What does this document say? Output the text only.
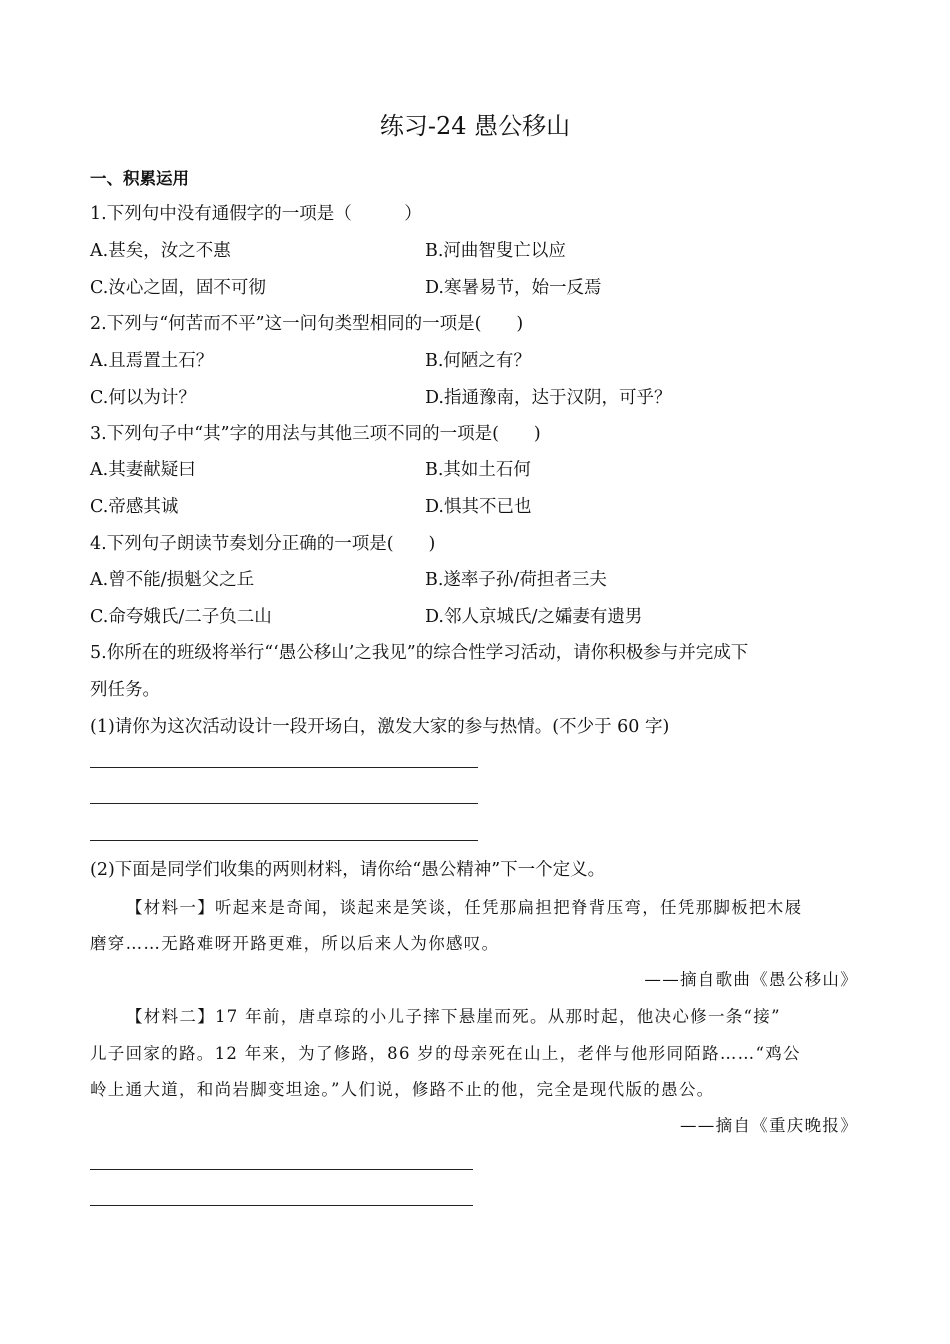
练习-24 愚公移山
一、积累运用
1.下列句中没有通假字的一项是（　　　）
A.甚矣，汝之不惠	B.河曲智叟亡以应
C.汝心之固，固不可彻	D.寒暑易节，始一反焉
2.下列与“何苦而不平”这一问句类型相同的一项是(　　)
A.且焉置土石？	B.何陋之有？
C.何以为计？	D.指通豫南，达于汉阴，可乎？
3.下列句子中“其”字的用法与其他三项不同的一项是(　　)
A.其妻献疑曰	B.其如土石何
C.帝感其诚	D.惧其不已也
4.下列句子朗读节奏划分正确的一项是(　　)
A.曾不能/损魁父之丘	B.遂率子孙/荷担者三夫
C.命夸娥氏/二子负二山	D.邻人京城氏/之孀妻有遗男
5.你所在的班级将举行“‘愚公移山’之我见”的综合性学习活动，请你积极参与并完成下
列任务。
(1)请你为这次活动设计一段开场白，激发大家的参与热情。(不少于 60 字)
(2)下面是同学们收集的两则材料，请你给“愚公精神”下一个定义。
【材料一】听起来是奇闻，谈起来是笑谈，任凭那扁担把脊背压弯，任凭那脚板把木屐
磨穿……无路难呀开路更难，所以后来人为你感叹。
——摘自歌曲《愚公移山》
【材料二】17 年前，唐卓琮的小儿子摔下悬崖而死。从那时起，他决心修一条“接”
儿子回家的路。12 年来，为了修路，86 岁的母亲死在山上，老伴与他形同陌路……“鸡公
岭上通大道，和尚岩脚变坦途。”人们说，修路不止的他，完全是现代版的愚公。
——摘自《重庆晚报》
